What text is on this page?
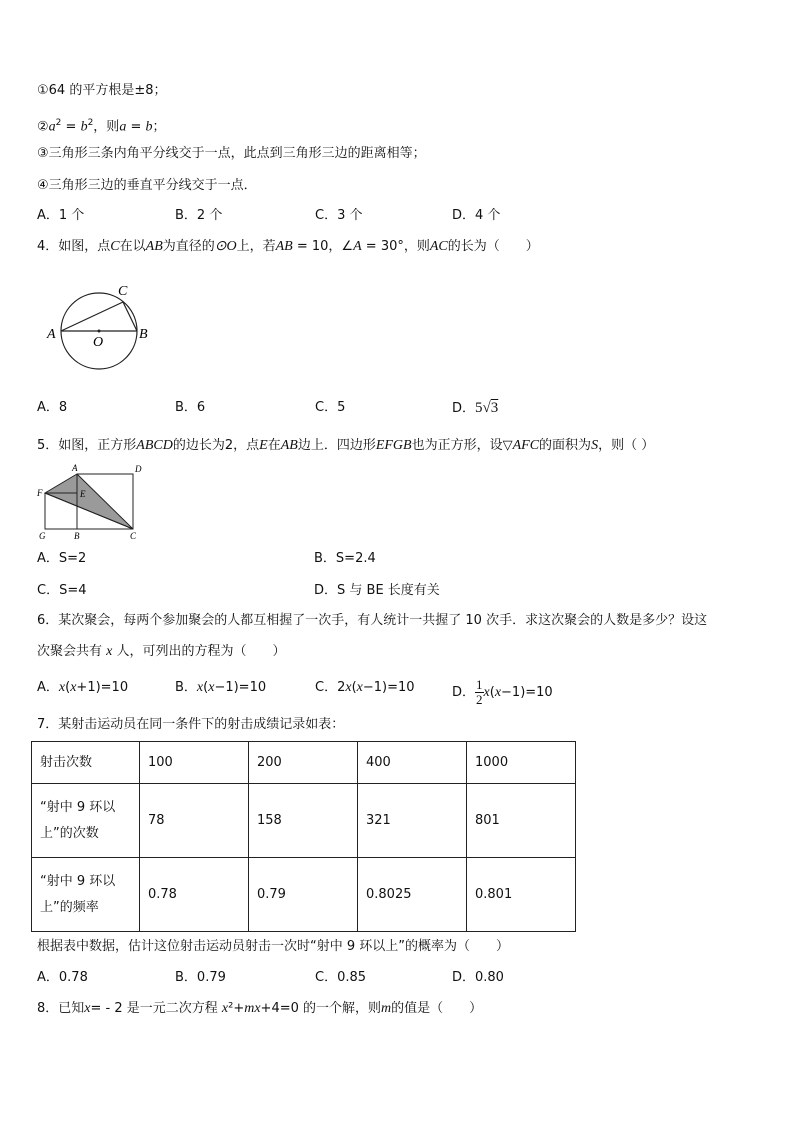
①64 的平方根是±8；
$②a^2 = b^2$，则a = b；
③三角形三条内角平分线交于一点，此点到三角形三边的距离相等；
④三角形三边的垂直平分线交于一点．
A．1 个	B．2 个	C．3 个	D．4 个
4．如图，点C在以AB为直径的⊙O上，若AB = 10，∠A = 30°，则AC的长为（　　）
A	B
C
O
A．8	B．6	C．5	D．5√3
5．如图，正方形ABCD的边长为2，点E在AB边上．四边形EFGB也为正方形，设▽AFC的面积为S，则（ ）
A	D
F	E
G	B	C
A．S=2	B．S=2.4
C．S=4	D．S 与 BE 长度有关
6．某次聚会，每两个参加聚会的人都互相握了一次手，有人统计一共握了 10 次手．求这次聚会的人数是多少？设这
次聚会共有 x 人，可列出的方程为（　　）
A．x(x+1)=10	B．x(x−1)=10	C．2x(x−1)=10	D． $\frac{1}{2} x(x-1)=10$
7．某射击运动员在同一条件下的射击成绩记录如表：
射击次数	100	200	400	1000
“射中 9 环以上”的次数	78	158	321	801
“射中 9 环以上”的频率	0.78	0.79	0.8025	0.801
根据表中数据，估计这位射击运动员射击一次时“射中 9 环以上”的概率为（　　）
A．0.78	B．0.79	C．0.85	D．0.80
8．已知x= - 2 是一元二次方程 x²+mx+4=0 的一个解，则m的值是（　　）
